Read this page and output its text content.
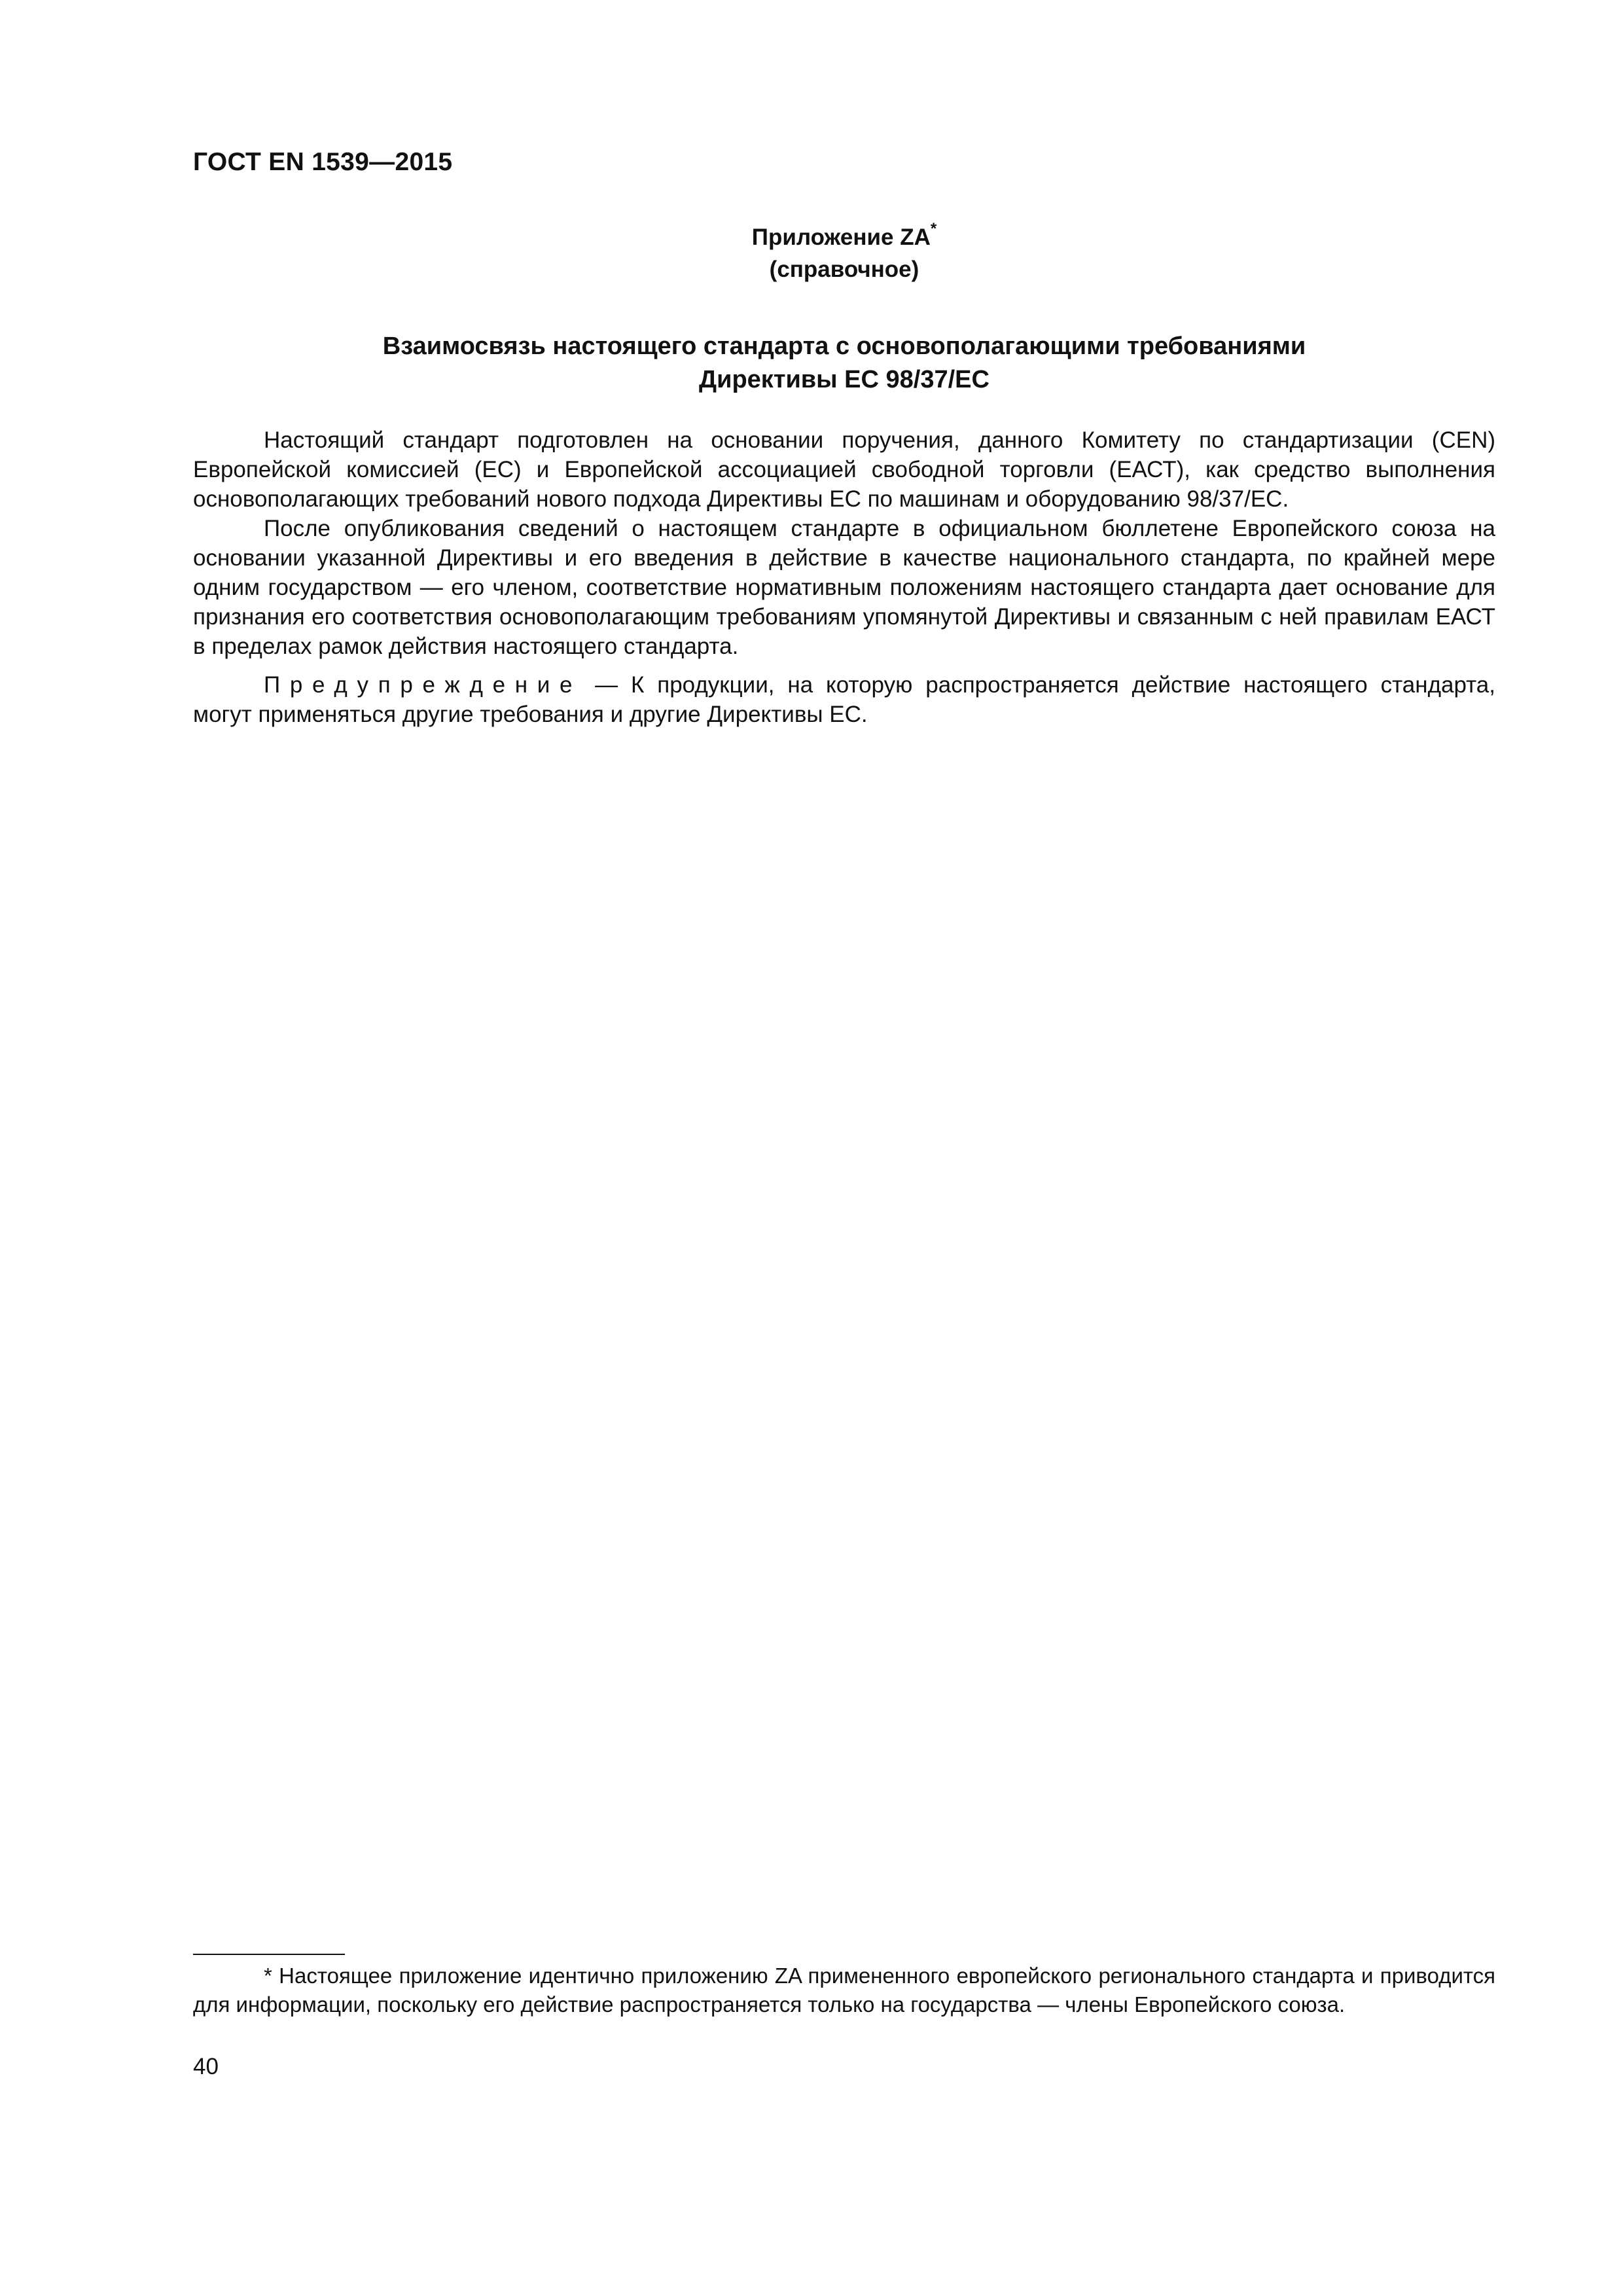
ГОСТ EN 1539—2015
Приложение ZA*
(справочное)
Взаимосвязь настоящего стандарта с основополагающими требованиями
Директивы ЕС 98/37/ЕС

Настоящий стандарт подготовлен на основании поручения, данного Комитету по стандартизации (CEN) Европейской комиссией (ЕС) и Европейской ассоциацией свободной торговли (ЕАСТ), как средство выполнения основополагающих требований нового подхода Директивы ЕС по машинам и оборудованию 98/37/ЕС.

После опубликования сведений о настоящем стандарте в официальном бюллетене Европейского союза на основании указанной Директивы и его введения в действие в качестве национального стандарта, по крайней мере одним государством — его членом, соответствие нормативным положениям настоящего стандарта дает основание для признания его соответствия основополагающим требованиям упомянутой Директивы и связанным с ней правилам ЕАСТ в пределах рамок действия настоящего стандарта.

Предупреждение — К продукции, на которую распространяется действие настоящего стандарта, могут применяться другие требования и другие Директивы ЕС.

* Настоящее приложение идентично приложению ZA примененного европейского регионального стандарта и приводится для информации, поскольку его действие распространяется только на государства — члены Европейского союза.
40
